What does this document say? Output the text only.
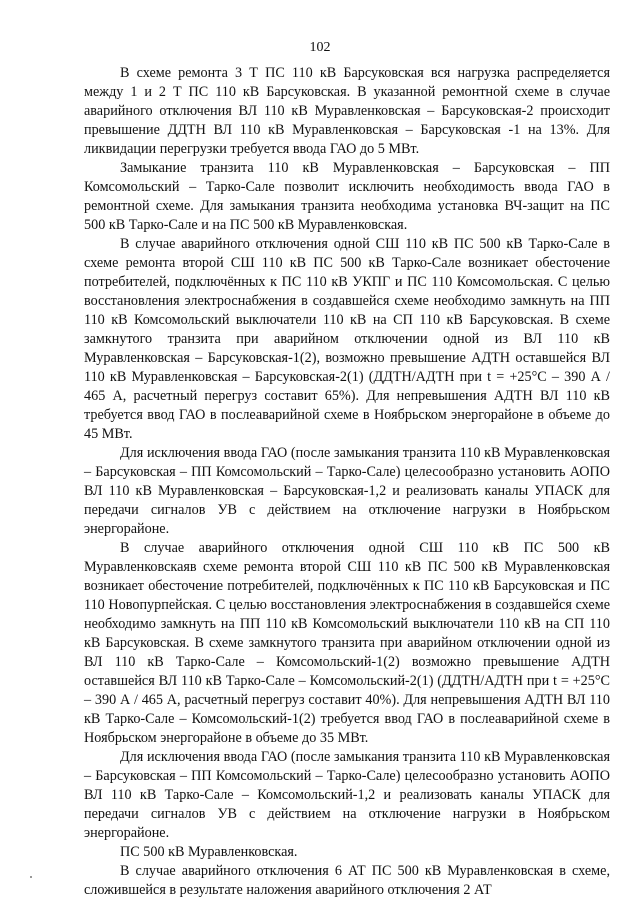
102

В схеме ремонта 3 Т ПС 110 кВ Барсуковская вся нагрузка распределяется между 1 и 2 Т ПС 110 кВ Барсуковская. В указанной ремонтной схеме в случае аварийного отключения ВЛ 110 кВ Муравленковская – Барсуковская-2 происходит превышение ДДТН ВЛ 110 кВ Муравленковская – Барсуковская -1 на 13%. Для ликвидации перегрузки требуется ввода ГАО до 5 МВт.

Замыкание транзита 110 кВ Муравленковская – Барсуковская – ПП Комсомольский – Тарко-Сале позволит исключить необходимость ввода ГАО в ремонтной схеме. Для замыкания транзита необходима установка ВЧ-защит на ПС 500 кВ Тарко-Сале и на ПС 500 кВ Муравленковская.

В случае аварийного отключения одной СШ 110 кВ ПС 500 кВ Тарко-Сале в схеме ремонта второй СШ 110 кВ ПС 500 кВ Тарко-Сале возникает обесточение потребителей, подключённых к ПС 110 кВ УКПГ и ПС 110 Комсомольская. С целью восстановления электроснабжения в создавшейся схеме необходимо замкнуть на ПП 110 кВ Комсомольский выключатели 110 кВ на СП 110 кВ Барсуковская. В схеме замкнутого транзита при аварийном отключении одной из ВЛ 110 кВ Муравленковская – Барсуковская-1(2), возможно превышение АДТН оставшейся ВЛ 110 кВ Муравленковская – Барсуковская-2(1) (ДДТН/АДТН при t = +25°С – 390 А / 465 А, расчетный перегруз составит 65%). Для непревышения АДТН ВЛ 110 кВ требуется ввод ГАО в послеаварийной схеме в Ноябрьском энергорайоне в объеме до 45 МВт.

Для исключения ввода ГАО (после замыкания транзита 110 кВ Муравленковская – Барсуковская – ПП Комсомольский – Тарко-Сале) целесообразно установить АОПО ВЛ 110 кВ Муравленковская – Барсуковская-1,2 и реализовать каналы УПАСК для передачи сигналов УВ с действием на отключение нагрузки в Ноябрьском энергорайоне.

В случае аварийного отключения одной СШ 110 кВ ПС 500 кВ Муравленковскаяв схеме ремонта второй СШ 110 кВ ПС 500 кВ Муравленковская возникает обесточение потребителей, подключённых к ПС 110 кВ Барсуковская и ПС 110 Новопурпейская. С целью восстановления электроснабжения в создавшейся схеме необходимо замкнуть на ПП 110 кВ Комсомольский выключатели 110 кВ на СП 110 кВ Барсуковская. В схеме замкнутого транзита при аварийном отключении одной из ВЛ 110 кВ Тарко-Сале – Комсомольский-1(2) возможно превышение АДТН оставшейся ВЛ 110 кВ Тарко-Сале – Комсомольский-2(1) (ДДТН/АДТН при t = +25°С – 390 А / 465 А, расчетный перегруз составит 40%). Для непревышения АДТН ВЛ 110 кВ Тарко-Сале – Комсомольский-1(2) требуется ввод ГАО в послеаварийной схеме в Ноябрьском энергорайоне в объеме до 35 МВт.

Для исключения ввода ГАО (после замыкания транзита 110 кВ Муравленковская – Барсуковская – ПП Комсомольский – Тарко-Сале) целесообразно установить АОПО ВЛ 110 кВ Тарко-Сале – Комсомольский-1,2 и реализовать каналы УПАСК для передачи сигналов УВ с действием на отключение нагрузки в Ноябрьском энергорайоне.

ПС 500 кВ Муравленковская.

В случае аварийного отключения 6 АТ ПС 500 кВ Муравленковская в схеме, сложившейся в результате наложения аварийного отключения 2 АТ
